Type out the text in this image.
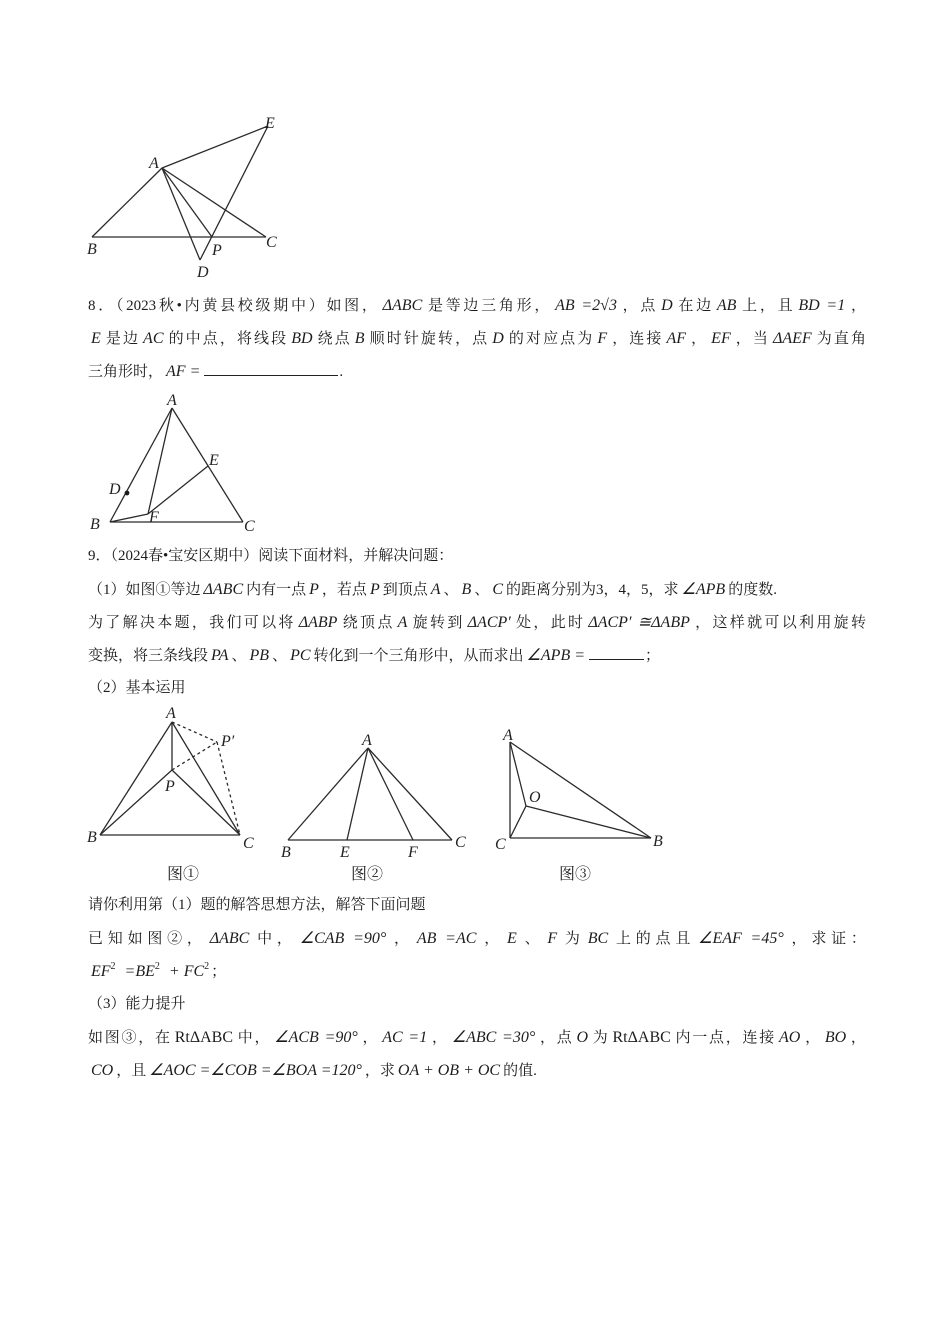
A
E
B	C
P
D
8．（2023秋•内黄县校级期中）如图， ΔABC 是等边三角形， AB =2√3 ，点 D 在边 AB 上，且 BD =1 ，
E 是边 AC 的中点，将线段 BD 绕点 B 顺时针旋转，点 D 的对应点为 F ，连接 AF ， EF ，当 ΔAEF 为直角
三角形时， AF =	.
A
E
D
B	C
F
9．（2024春•宝安区期中）阅读下面材料，并解决问题：
（1）如图①等边 ΔABC 内有一点 P ，若点 P 到顶点 A 、 B 、 C 的距离分别为3，4，5，求 ∠APB 的度数.
为了解决本题，我们可以将 ΔABP 绕顶点 A 旋转到 ΔACP′ 处，此时 ΔACP′ ≅ΔABP ，这样就可以利用旋转
变换，将三条线段 PA 、 PB 、 PC 转化到一个三角形中，从而求出 ∠APB =	；
（2）基本运用
A
P
P′
B	C
图①
A
B	E	F
C
图②
A
O
C	B
图③
请你利用第（1）题的解答思想方法，解答下面问题
已知如图②， ΔABC 中， ∠CAB =90° ， AB =AC ， E 、 F 为 BC 上的点且 ∠EAF =45° ，求证：
$EF^2 =BE^2 + FC^2$ ；
（3）能力提升
如图③，在 RtΔABC 中， ∠ACB =90° ， AC =1 ， ∠ABC =30° ，点 O 为 RtΔABC 内一点，连接 AO ， BO ，
CO ，且 ∠AOC =∠COB =∠BOA =120° ，求 OA + OB + OC 的值.
